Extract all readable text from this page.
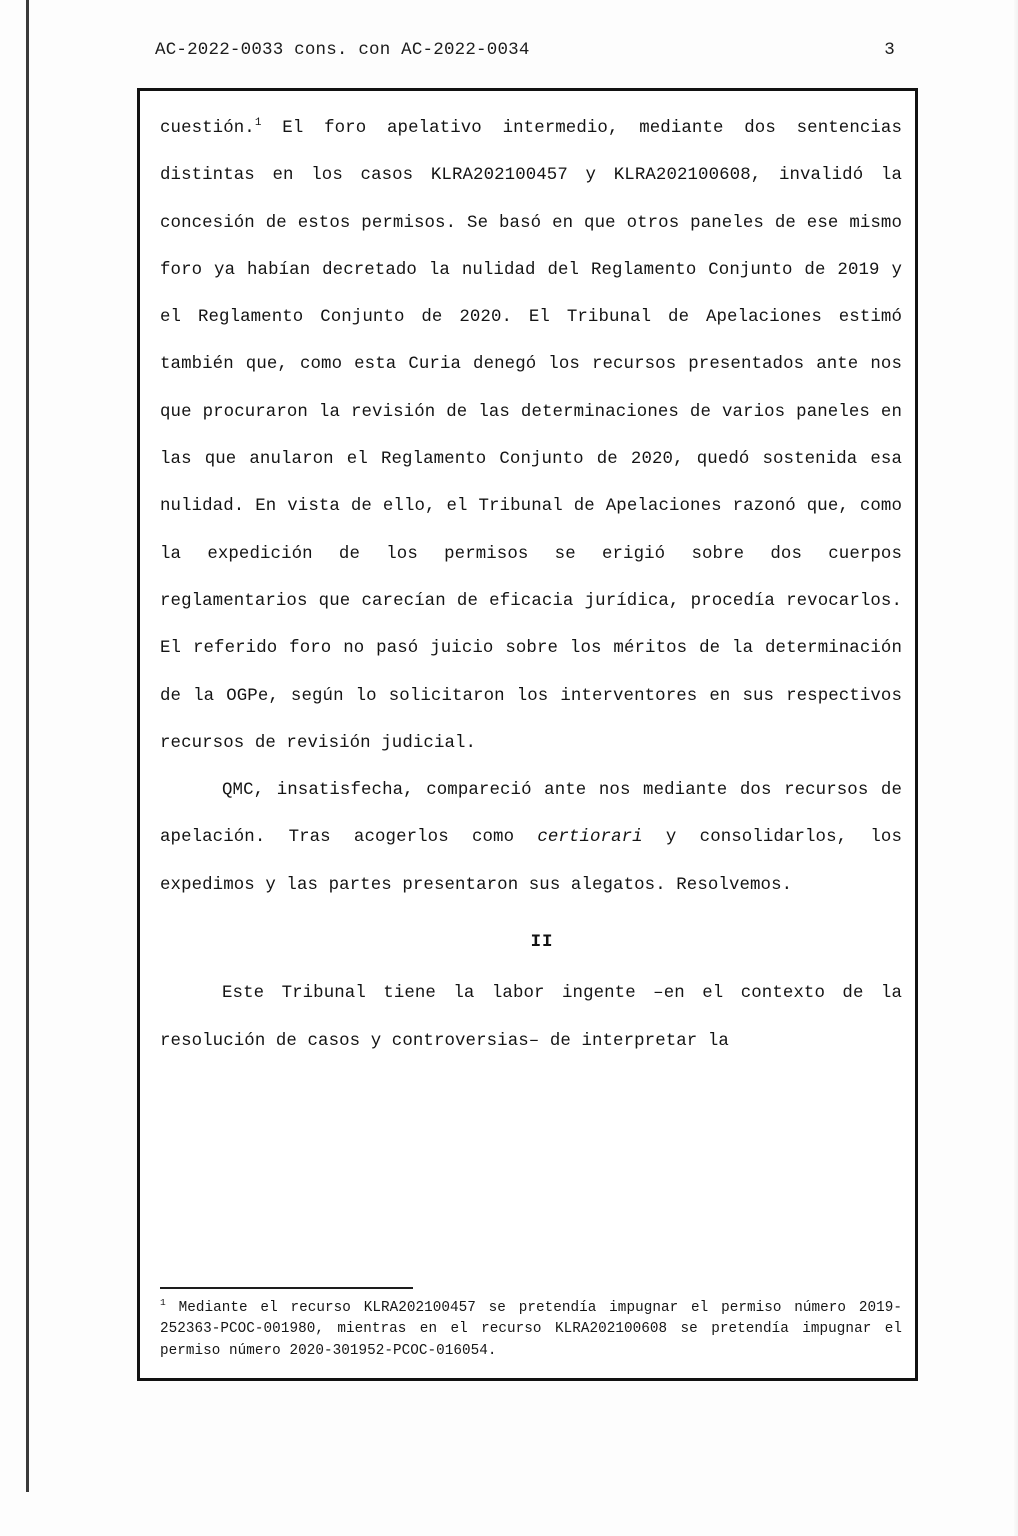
AC-2022-0033 cons. con AC-2022-0034	3

cuestión.$^1$ El foro apelativo intermedio, mediante dos sentencias distintas en los casos KLRA202100457 y KLRA202100608, invalidó la concesión de estos permisos. Se basó en que otros paneles de ese mismo foro ya habían decretado la nulidad del Reglamento Conjunto de 2019 y el Reglamento Conjunto de 2020. El Tribunal de Apelaciones estimó también que, como esta Curia denegó los recursos presentados ante nos que procuraron la revisión de las determinaciones de varios paneles en las que anularon el Reglamento Conjunto de 2020, quedó sostenida esa nulidad. En vista de ello, el Tribunal de Apelaciones razonó que, como la expedición de los permisos se erigió sobre dos cuerpos reglamentarios que carecían de eficacia jurídica, procedía revocarlos. El referido foro no pasó juicio sobre los méritos de la determinación de la OGPe, según lo solicitaron los interventores en sus respectivos recursos de revisión judicial.

QMC, insatisfecha, compareció ante nos mediante dos recursos de apelación. Tras acogerlos como certiorari y consolidarlos, los expedimos y las partes presentaron sus alegatos. Resolvemos.

II

Este Tribunal tiene la labor ingente –en el contexto de la resolución de casos y controversias– de interpretar la

$^1$ Mediante el recurso KLRA202100457 se pretendía impugnar el permiso número 2019-252363-PCOC-001980, mientras en el recurso KLRA202100608 se pretendía impugnar el permiso número 2020-301952-PCOC-016054.
